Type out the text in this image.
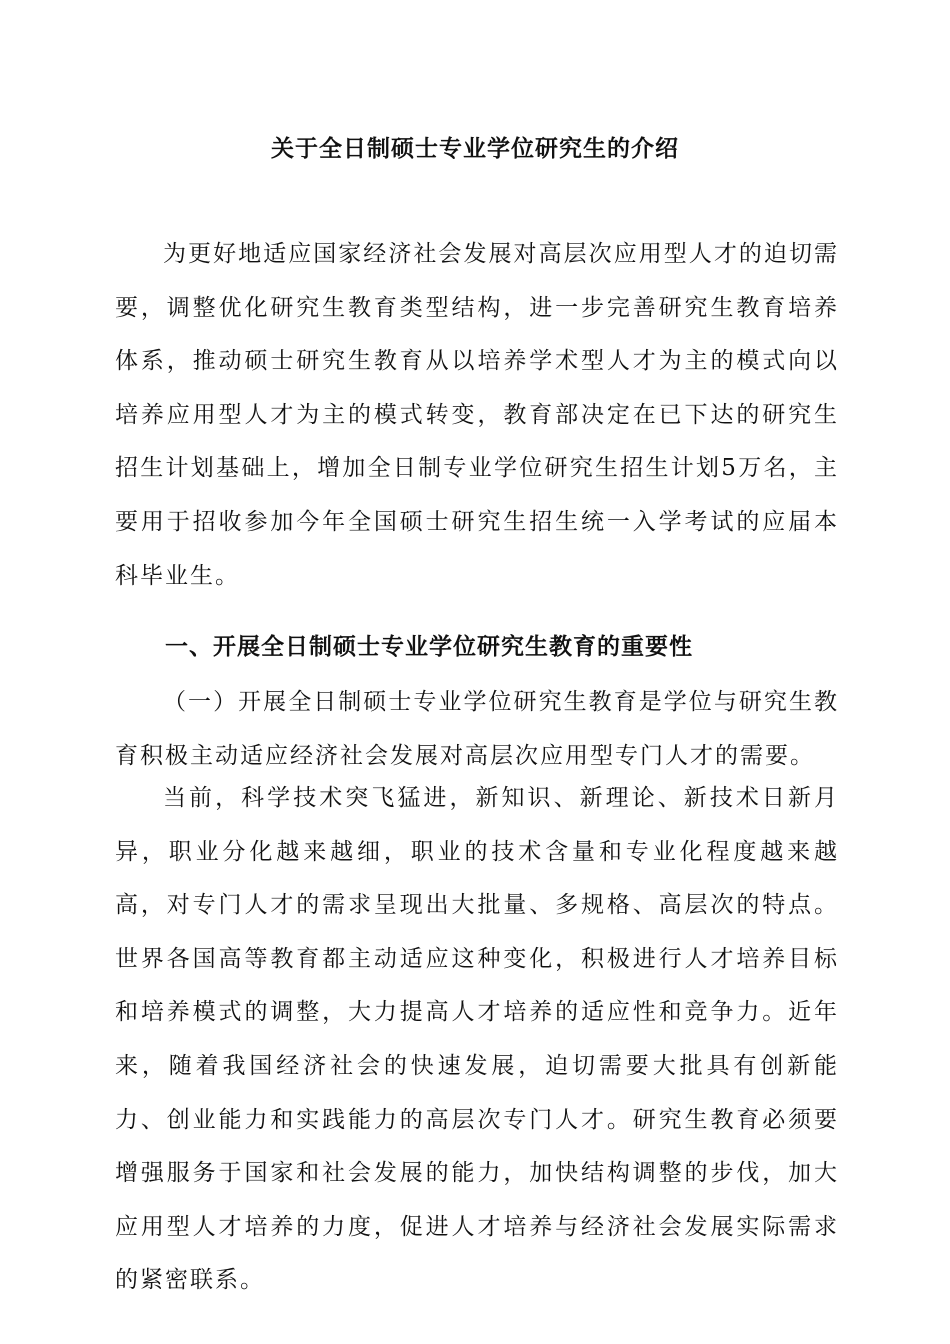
关于全日制硕士专业学位研究生的介绍

为更好地适应国家经济社会发展对高层次应用型人才的迫切需要，调整优化研究生教育类型结构，进一步完善研究生教育培养体系，推动硕士研究生教育从以培养学术型人才为主的模式向以培养应用型人才为主的模式转变，教育部决定在已下达的研究生招生计划基础上，增加全日制专业学位研究生招生计划5万名，主要用于招收参加今年全国硕士研究生招生统一入学考试的应届本科毕业生。

一、开展全日制硕士专业学位研究生教育的重要性

（一）开展全日制硕士专业学位研究生教育是学位与研究生教育积极主动适应经济社会发展对高层次应用型专门人才的需要。

当前，科学技术突飞猛进，新知识、新理论、新技术日新月异，职业分化越来越细，职业的技术含量和专业化程度越来越高，对专门人才的需求呈现出大批量、多规格、高层次的特点。世界各国高等教育都主动适应这种变化，积极进行人才培养目标和培养模式的调整，大力提高人才培养的适应性和竞争力。近年来，随着我国经济社会的快速发展，迫切需要大批具有创新能力、创业能力和实践能力的高层次专门人才。研究生教育必须要增强服务于国家和社会发展的能力，加快结构调整的步伐，加大应用型人才培养的力度，促进人才培养与经济社会发展实际需求的紧密联系。
